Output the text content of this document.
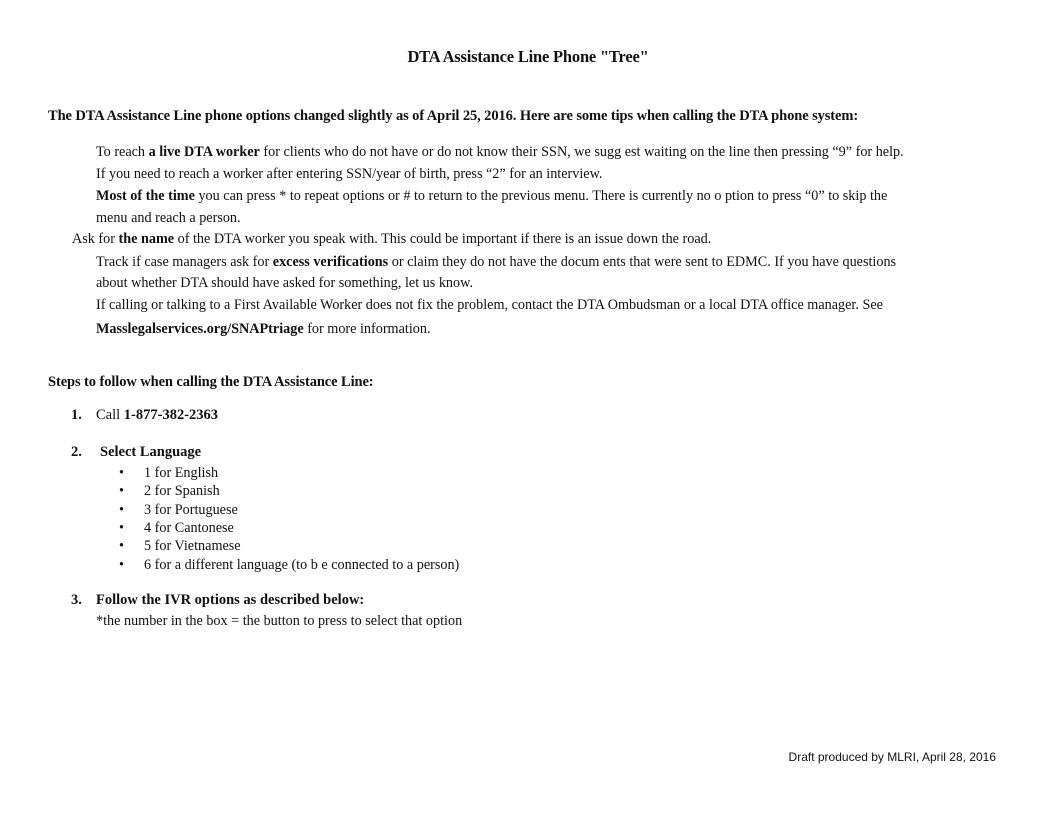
DTA Assistance Line Phone "Tree"
The DTA Assistance Line phone options changed slightly as of April 25, 2016. Here are some tips when calling the DTA phone system:
To reach a live DTA worker for clients who do not have or do not know their SSN, we sugg est waiting on the line then pressing “9” for help.
If you need to reach a worker after entering SSN/year of birth, press “2” for an interview.
Most of the time you can press * to repeat options or # to return to the previous menu. There is currently no o ption to press “0” to skip the
menu and reach a person.
Ask for the name of the DTA worker you speak with. This could be important if there is an issue down the road.
Track if case managers ask for excess verifications or claim they do not have the docum ents that were sent to EDMC. If you have questions
about whether DTA should have asked for something, let us know.
If calling or talking to a First Available Worker does not fix the problem, contact the DTA Ombudsman or a local DTA office manager. See
Masslegalservices.org/SNAPtriage for more information.
Steps to follow when calling the DTA Assistance Line:
1. Call 1-877-382-2363
2. Select Language
• 1 for English
• 2 for Spanish
• 3 for Portuguese
• 4 for Cantonese
• 5 for Vietnamese
• 6 for a different language (to b e connected to a person)
3. Follow the IVR options as described below:
*the number in the box = the button to press to select that option
Draft produced by MLRI, April 28, 2016
